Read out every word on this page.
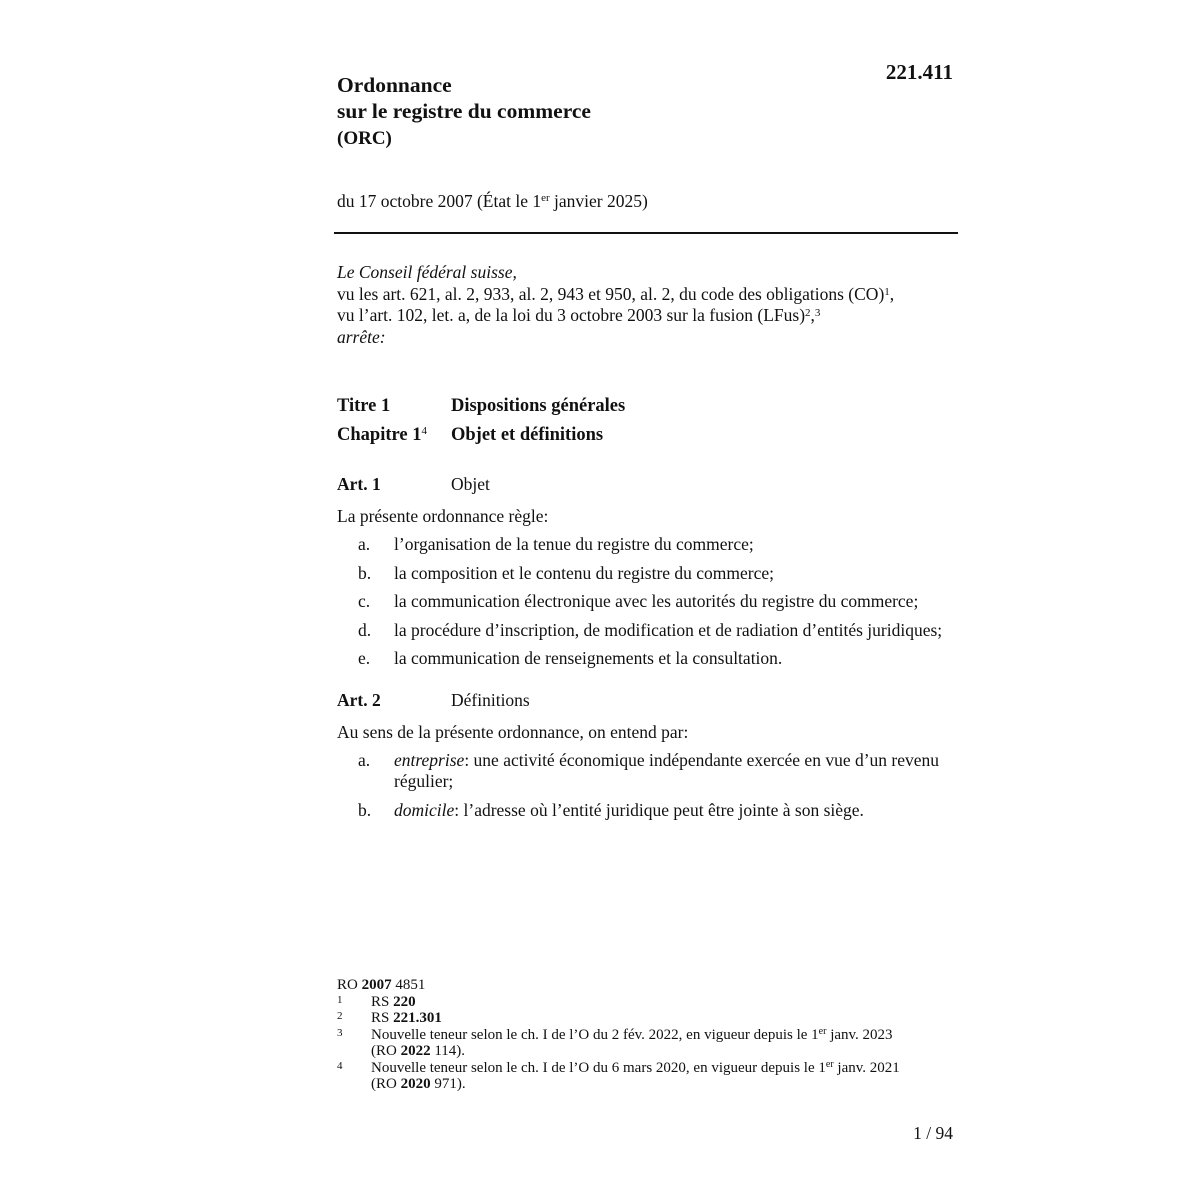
221.411
Ordonnance
sur le registre du commerce
(ORC)
du 17 octobre 2007 (État le 1er janvier 2025)
Le Conseil fédéral suisse,
vu les art. 621, al. 2, 933, al. 2, 943 et 950, al. 2, du code des obligations (CO)$^1$,
vu l’art. 102, let. a, de la loi du 3 octobre 2003 sur la fusion (LFus)$^2$,$^3$
arrête:
Titre 1	Dispositions générales
Chapitre $1^4$	Objet et définitions
Art. 1	Objet
La présente ordonnance règle:
a.	l’organisation de la tenue du registre du commerce;
b.	la composition et le contenu du registre du commerce;
c.	la communication électronique avec les autorités du registre du commerce;
d.	la procédure d’inscription, de modification et de radiation d’entités juridiques;
e.	la communication de renseignements et la consultation.
Art. 2	Définitions
Au sens de la présente ordonnance, on entend par:
a.	entreprise: une activité économique indépendante exercée en vue d’un revenu régulier;
b.	domicile: l’adresse où l’entité juridique peut être jointe à son siège.
RO 2007 4851
1	RS 220
2	RS 221.301
3	Nouvelle teneur selon le ch. I de l’O du 2 fév. 2022, en vigueur depuis le 1er janv. 2023
(RO 2022 114).
4	Nouvelle teneur selon le ch. I de l’O du 6 mars 2020, en vigueur depuis le 1er janv. 2021
(RO 2020 971).
1 / 94
